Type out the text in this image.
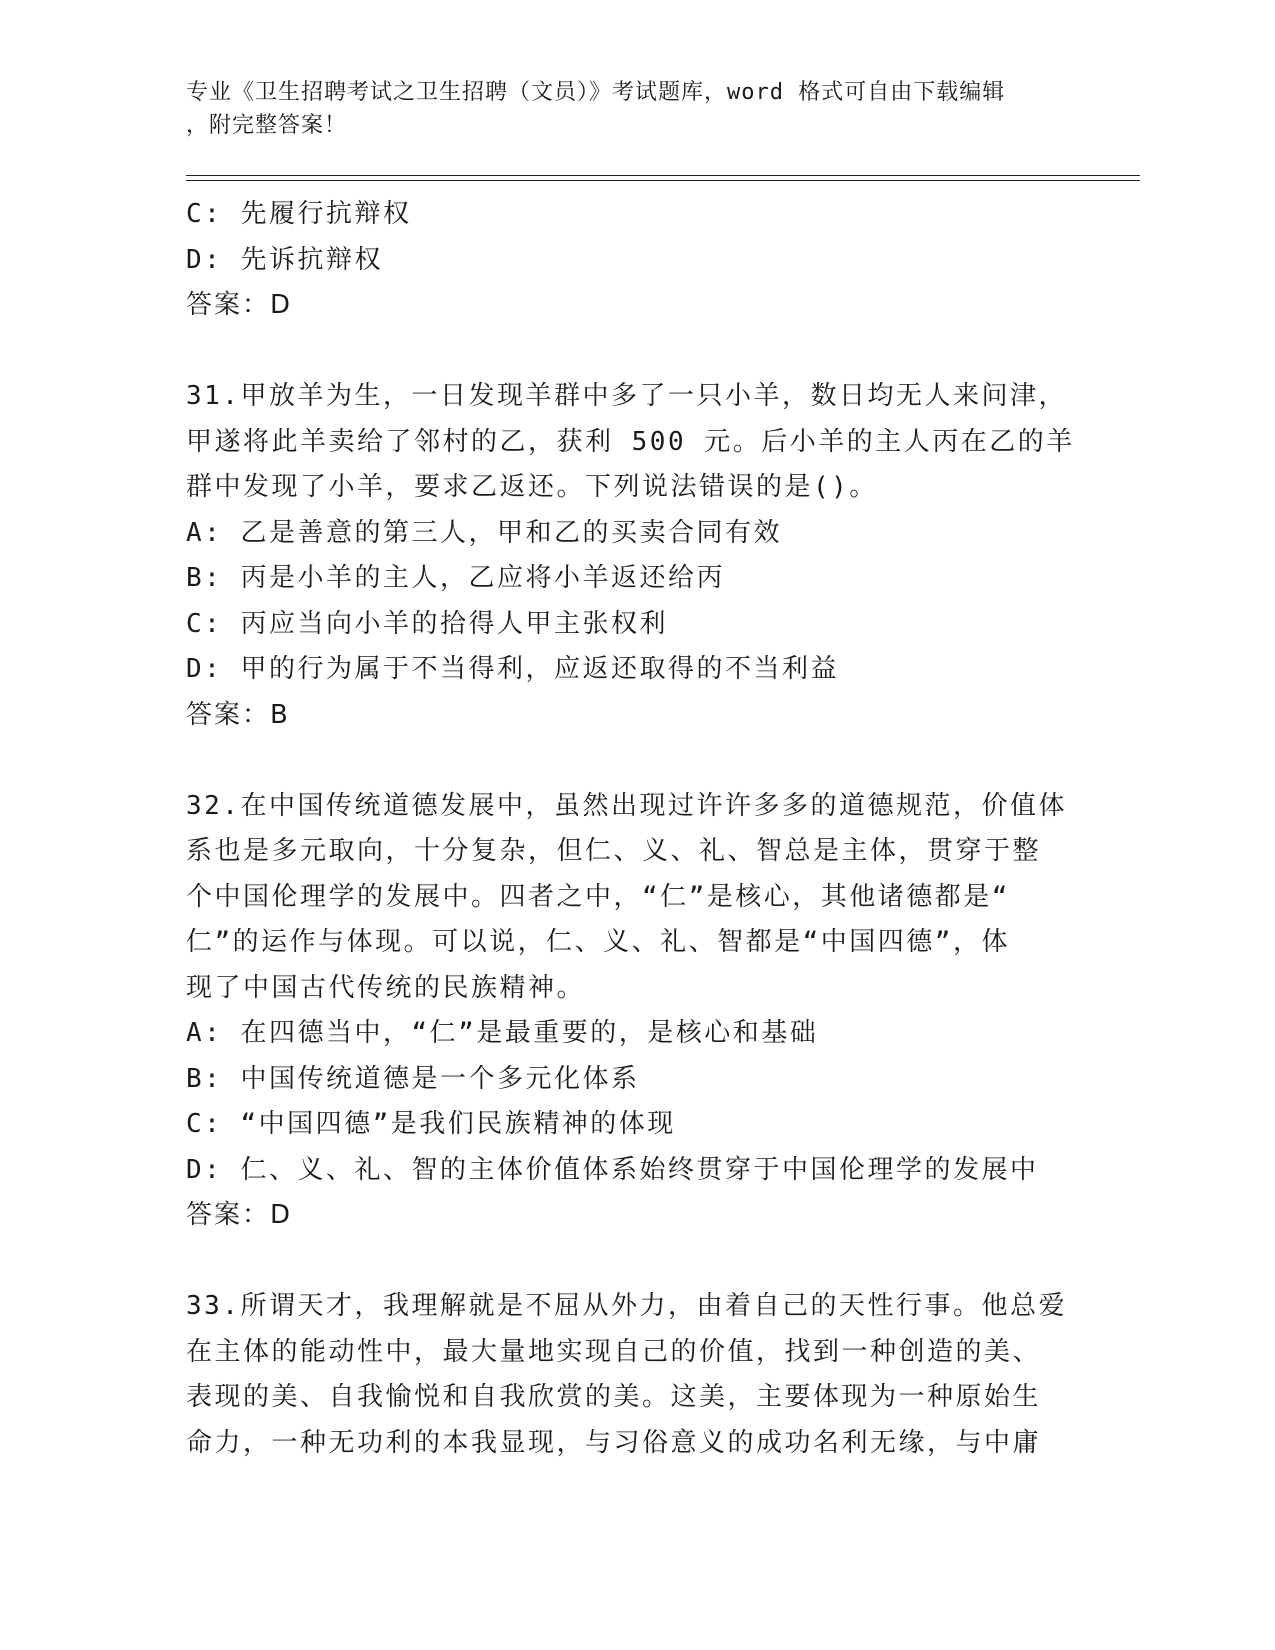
专业《卫生招聘考试之卫生招聘（文员）》考试题库，word 格式可自由下载编辑
，附完整答案！
C: 先履行抗辩权
D: 先诉抗辩权
答案：D
31.甲放羊为生，一日发现羊群中多了一只小羊，数日均无人来问津，
甲遂将此羊卖给了邻村的乙，获利 500 元。后小羊的主人丙在乙的羊
群中发现了小羊，要求乙返还。下列说法错误的是()。
A: 乙是善意的第三人，甲和乙的买卖合同有效
B: 丙是小羊的主人，乙应将小羊返还给丙
C: 丙应当向小羊的拾得人甲主张权利
D: 甲的行为属于不当得利，应返还取得的不当利益
答案：B
32.在中国传统道德发展中，虽然出现过许许多多的道德规范，价值体
系也是多元取向，十分复杂，但仁、义、礼、智总是主体，贯穿于整
个中国伦理学的发展中。四者之中，“仁”是核心，其他诸德都是“
仁”的运作与体现。可以说，仁、义、礼、智都是“中国四德”，体
现了中国古代传统的民族精神。
A: 在四德当中，“仁”是最重要的，是核心和基础
B: 中国传统道德是一个多元化体系
C: “中国四德”是我们民族精神的体现
D: 仁、义、礼、智的主体价值体系始终贯穿于中国伦理学的发展中
答案：D
33.所谓天才，我理解就是不屈从外力，由着自己的天性行事。他总爱
在主体的能动性中，最大量地实现自己的价值，找到一种创造的美、
表现的美、自我愉悦和自我欣赏的美。这美，主要体现为一种原始生
命力，一种无功利的本我显现，与习俗意义的成功名利无缘，与中庸
